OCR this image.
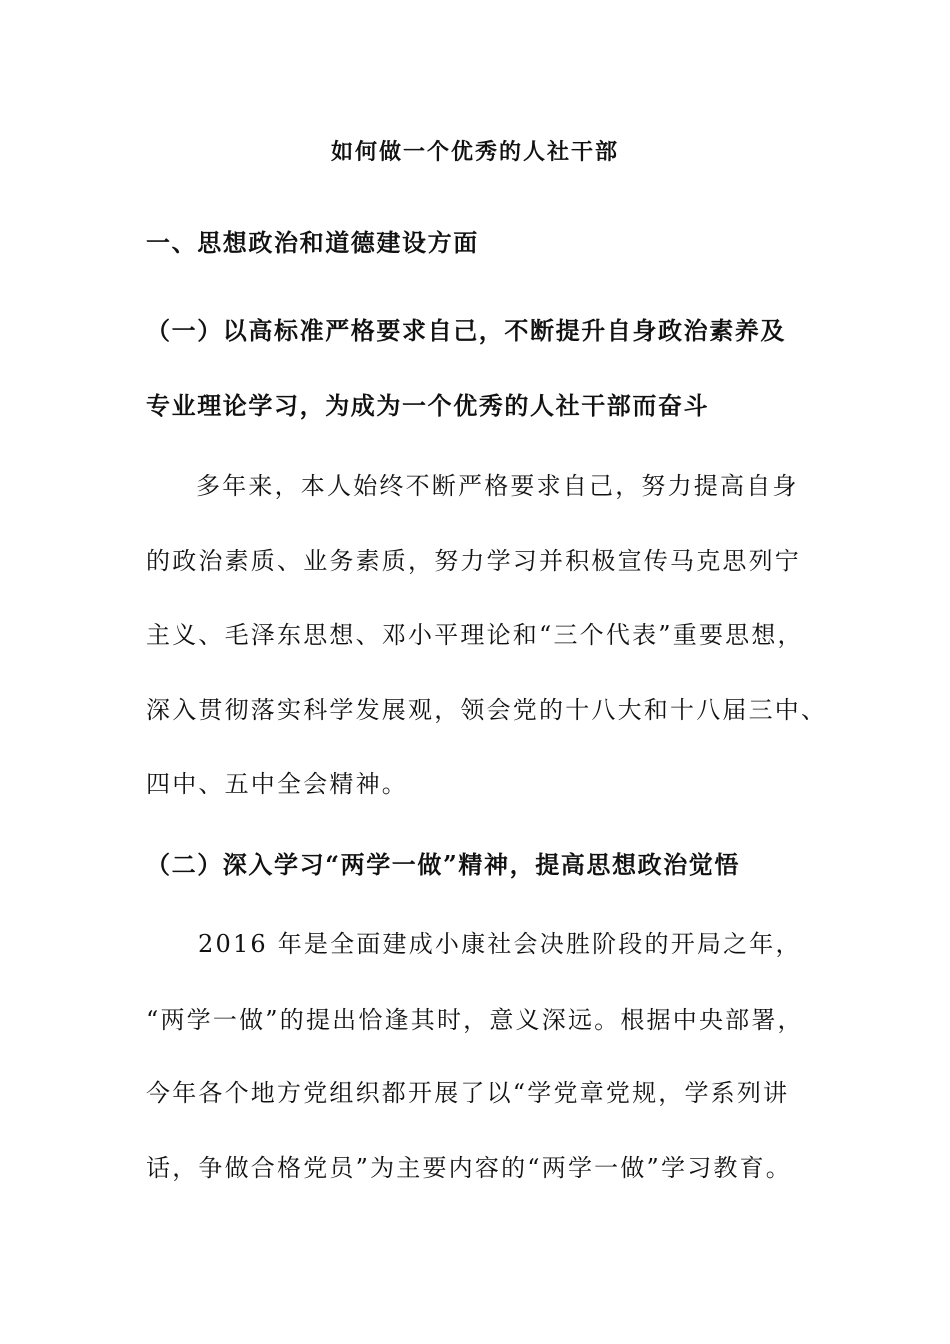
如何做一个优秀的人社干部
一、思想政治和道德建设方面
（一）以高标准严格要求自己，不断提升自身政治素养及
专业理论学习，为成为一个优秀的人社干部而奋斗
多年来，本人始终不断严格要求自己，努力提高自身
的政治素质、业务素质，努力学习并积极宣传马克思列宁
主义、毛泽东思想、邓小平理论和“三个代表”重要思想，
深入贯彻落实科学发展观，领会党的十八大和十八届三中、
四中、五中全会精神。
（二）深入学习“两学一做”精神，提高思想政治觉悟
2016 年是全面建成小康社会决胜阶段的开局之年，
“两学一做”的提出恰逢其时，意义深远。根据中央部署，
今年各个地方党组织都开展了以“学党章党规，学系列讲
话，争做合格党员”为主要内容的“两学一做”学习教育。
